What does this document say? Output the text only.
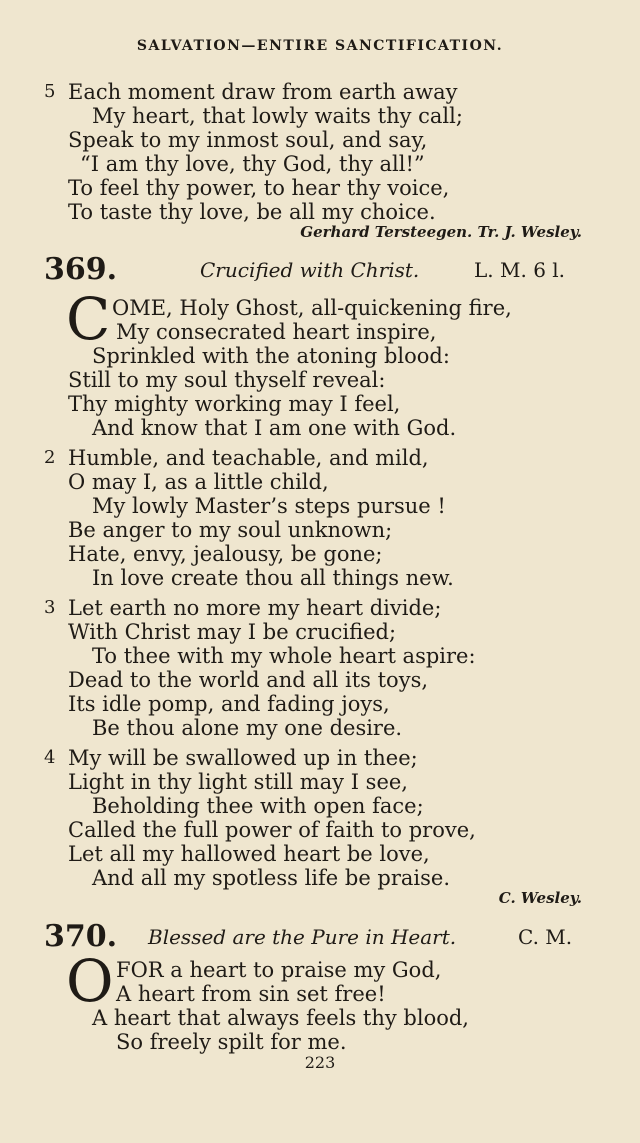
SALVATION—ENTIRE SANCTIFICATION.
5 Each moment draw from earth away
My heart, that lowly waits thy call;
Speak to my inmost soul, and say,
“I am thy love, thy God, thy all!”
To feel thy power, to hear thy voice,
To taste thy love, be all my choice.
Gerhard Tersteegen. Tr. J. Wesley.
369.	Crucified with Christ.	L. M. 6 l.
C OME, Holy Ghost, all-quickening fire,
My consecrated heart inspire,
Sprinkled with the atoning blood:
Still to my soul thyself reveal:
Thy mighty working may I feel,
And know that I am one with God.
2 Humble, and teachable, and mild,
O may I, as a little child,
My lowly Master’s steps pursue !
Be anger to my soul unknown;
Hate, envy, jealousy, be gone;
In love create thou all things new.
3 Let earth no more my heart divide;
With Christ may I be crucified;
To thee with my whole heart aspire:
Dead to the world and all its toys,
Its idle pomp, and fading joys,
Be thou alone my one desire.
4 My will be swallowed up in thee;
Light in thy light still may I see,
Beholding thee with open face;
Called the full power of faith to prove,
Let all my hallowed heart be love,
And all my spotless life be praise.
C. Wesley.
370. Blessed are the Pure in Heart.	C. M.
O FOR a heart to praise my God,
A heart from sin set free!
A heart that always feels thy blood,
So freely spilt for me.
223
